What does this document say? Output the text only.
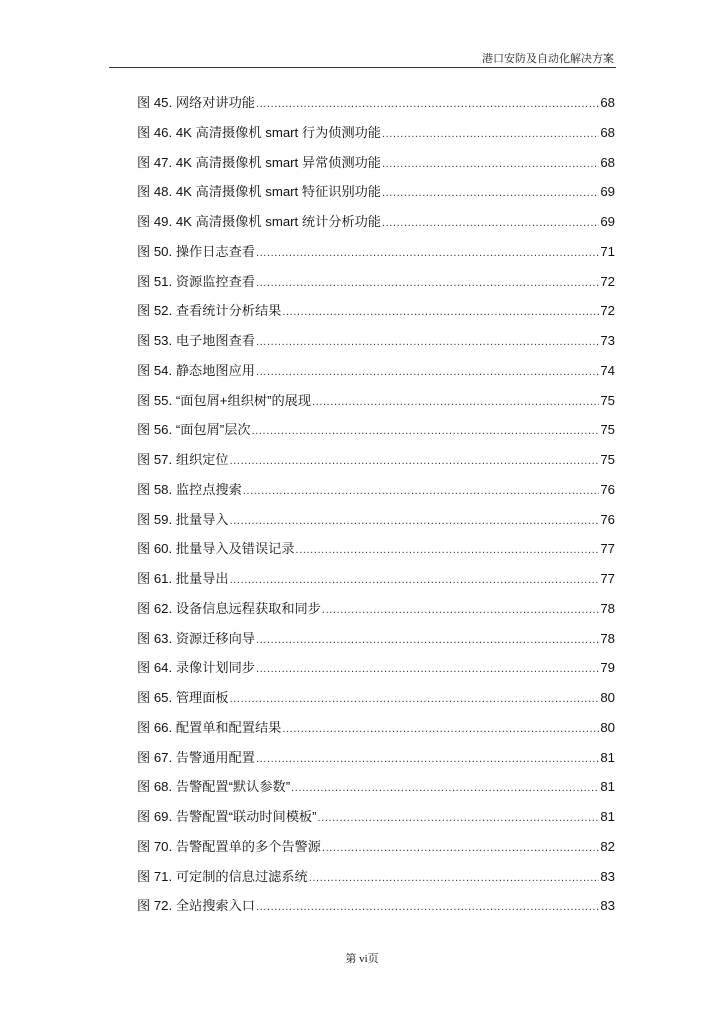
港口安防及自动化解决方案
图 45. 网络对讲功能 .....	68
图 46. 4K 高清摄像机 smart 行为侦测功能 .....	68
图 47. 4K 高清摄像机 smart 异常侦测功能 .....	68
图 48. 4K 高清摄像机 smart 特征识别功能 .....	69
图 49. 4K 高清摄像机 smart 统计分析功能 .....	69
图 50. 操作日志查看 .....	71
图 51. 资源监控查看 .....	72
图 52. 查看统计分析结果 .....	72
图 53. 电子地图查看 .....	73
图 54. 静态地图应用 .....	74
图 55. “面包屑+组织树”的展现 .....	75
图 56. “面包屑”层次 .....	75
图 57. 组织定位 .....	75
图 58. 监控点搜索 .....	76
图 59. 批量导入 .....	76
图 60. 批量导入及错误记录 .....	77
图 61. 批量导出 .....	77
图 62. 设备信息远程获取和同步 .....	78
图 63. 资源迁移向导 .....	78
图 64. 录像计划同步 .....	79
图 65. 管理面板 .....	80
图 66. 配置单和配置结果 .....	80
图 67. 告警通用配置 .....	81
图 68. 告警配置“默认参数” .....	81
图 69. 告警配置“联动时间模板” .....	81
图 70. 告警配置单的多个告警源 .....	82
图 71. 可定制的信息过滤系统 .....	83
图 72. 全站搜索入口 .....	83
第 vi页
